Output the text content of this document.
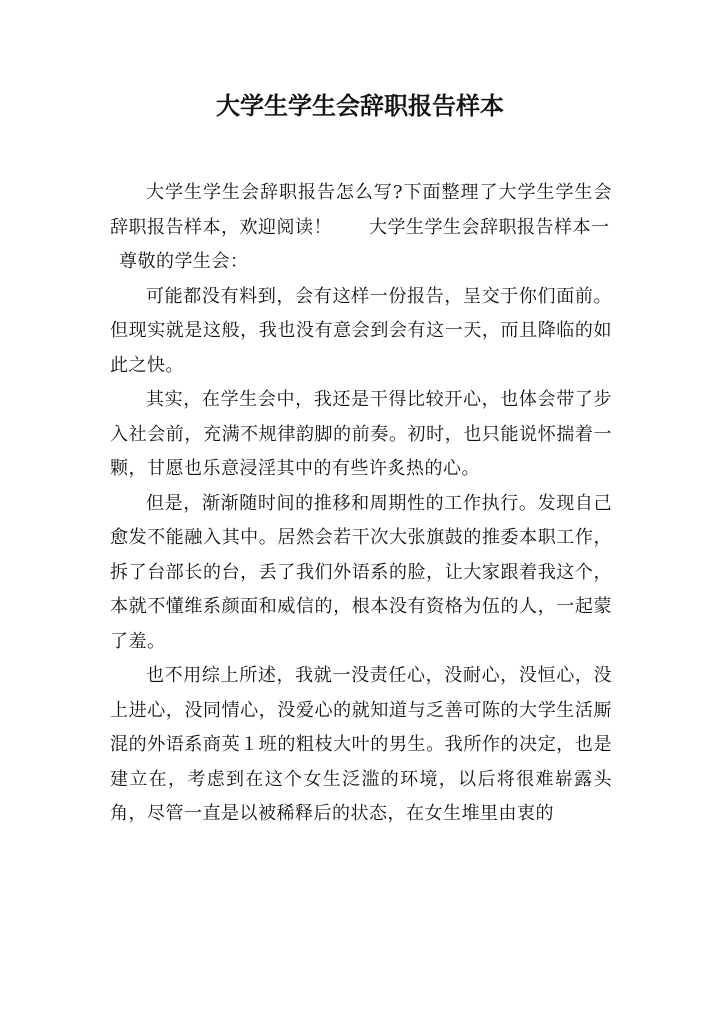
大学生学生会辞职报告样本

大学生学生会辞职报告怎么写?下面整理了大学生学生会辞职报告样本，欢迎阅读！　　大学生学生会辞职报告样本一

尊敬的学生会：

可能都没有料到，会有这样一份报告，呈交于你们面前。但现实就是这般，我也没有意会到会有这一天，而且降临的如此之快。

其实，在学生会中，我还是干得比较开心，也体会带了步入社会前，充满不规律韵脚的前奏。初时，也只能说怀揣着一颗，甘愿也乐意浸淫其中的有些许炙热的心。

但是，渐渐随时间的推移和周期性的工作执行。发现自己愈发不能融入其中。居然会若干次大张旗鼓的推委本职工作，拆了台部长的台，丢了我们外语系的脸，让大家跟着我这个，本就不懂维系颜面和威信的，根本没有资格为伍的人，一起蒙了羞。

也不用综上所述，我就一没责任心，没耐心，没恒心，没上进心，没同情心，没爱心的就知道与乏善可陈的大学生活厮混的外语系商英１班的粗枝大叶的男生。我所作的决定，也是建立在，考虑到在这个女生泛滥的环境，以后将很难崭露头角，尽管一直是以被稀释后的状态，在女生堆里由衷的
